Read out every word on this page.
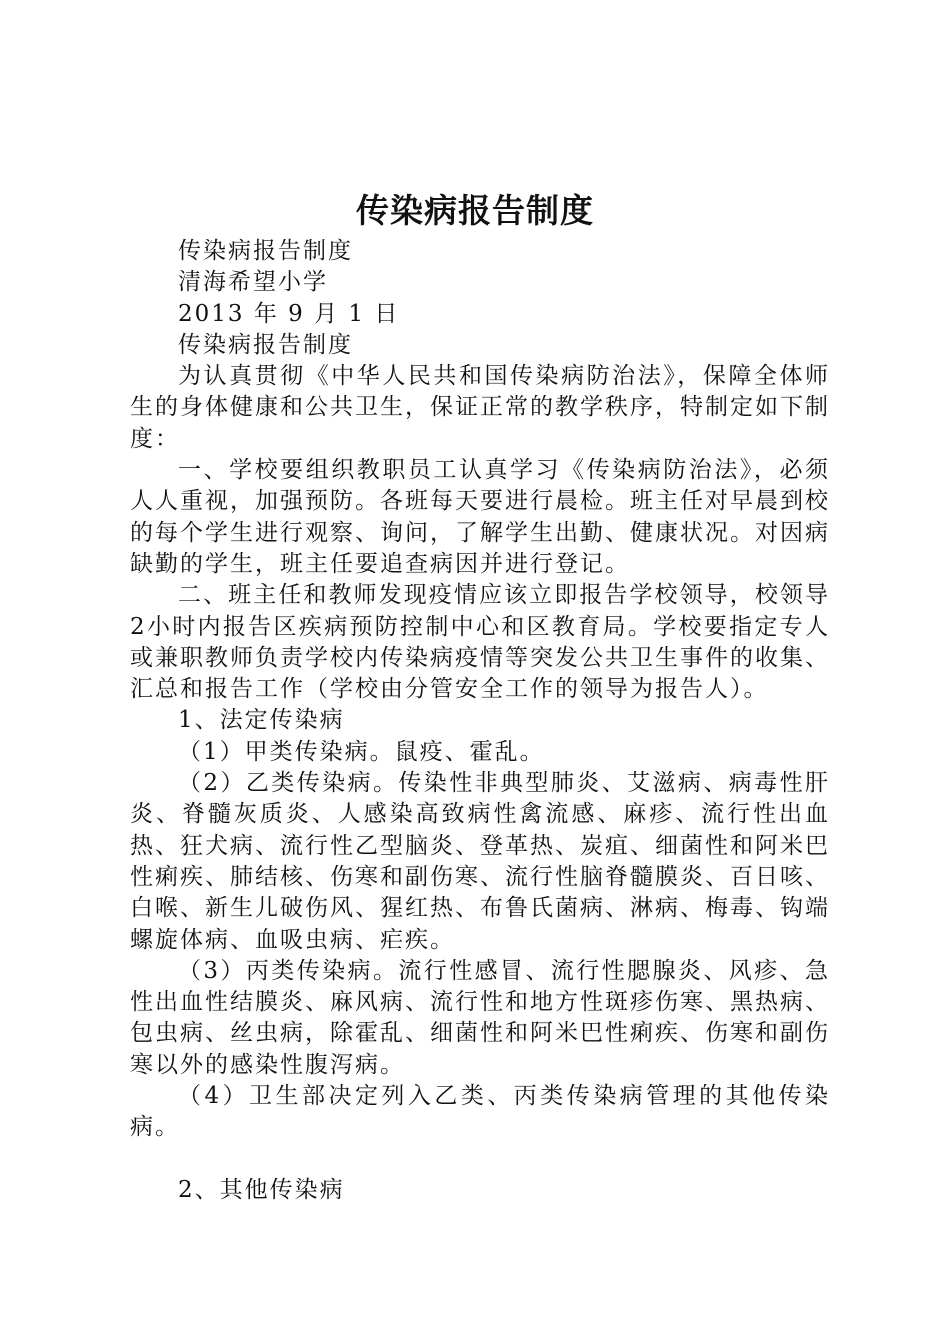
传染病报告制度

传染病报告制度

清海希望小学

2013 年 9 月 1 日

传染病报告制度

为认真贯彻《中华人民共和国传染病防治法》，保障全体师生的身体健康和公共卫生，保证正常的教学秩序，特制定如下制度：

一、学校要组织教职员工认真学习《传染病防治法》，必须人人重视，加强预防。各班每天要进行晨检。班主任对早晨到校的每个学生进行观察、询问，了解学生出勤、健康状况。对因病缺勤的学生，班主任要追查病因并进行登记。

二、班主任和教师发现疫情应该立即报告学校领导，校领导2小时内报告区疾病预防控制中心和区教育局。学校要指定专人或兼职教师负责学校内传染病疫情等突发公共卫生事件的收集、汇总和报告工作（学校由分管安全工作的领导为报告人）。

1、法定传染病

（1）甲类传染病。鼠疫、霍乱。

（2）乙类传染病。传染性非典型肺炎、艾滋病、病毒性肝炎、脊髓灰质炎、人感染高致病性禽流感、麻疹、流行性出血热、狂犬病、流行性乙型脑炎、登革热、炭疽、细菌性和阿米巴性痢疾、肺结核、伤寒和副伤寒、流行性脑脊髓膜炎、百日咳、白喉、新生儿破伤风、猩红热、布鲁氏菌病、淋病、梅毒、钩端螺旋体病、血吸虫病、疟疾。

（3）丙类传染病。流行性感冒、流行性腮腺炎、风疹、急性出血性结膜炎、麻风病、流行性和地方性斑疹伤寒、黑热病、包虫病、丝虫病，除霍乱、细菌性和阿米巴性痢疾、伤寒和副伤寒以外的感染性腹泻病。

（4）卫生部决定列入乙类、丙类传染病管理的其他传染病。

2、其他传染病
